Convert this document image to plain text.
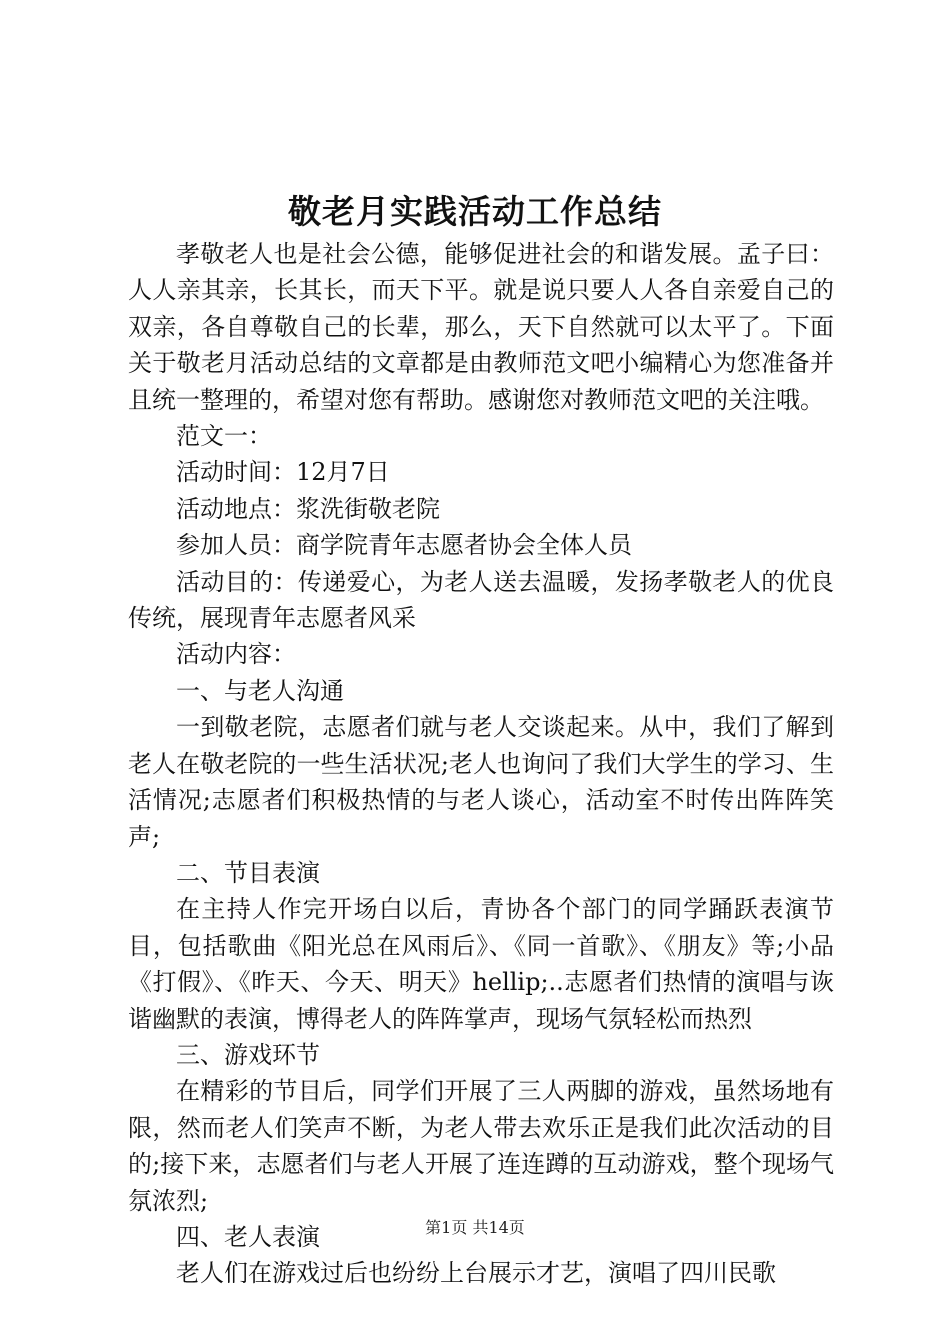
敬老月实践活动工作总结

孝敬老人也是社会公德，能够促进社会的和谐发展。孟子曰：人人亲其亲，长其长，而天下平。就是说只要人人各自亲爱自己的双亲，各自尊敬自己的长辈，那么，天下自然就可以太平了。下面关于敬老月活动总结的文章都是由教师范文吧小编精心为您准备并且统一整理的，希望对您有帮助。感谢您对教师范文吧的关注哦。

范文一：

活动时间：12月7日

活动地点：浆洗街敬老院

参加人员：商学院青年志愿者协会全体人员

活动目的：传递爱心，为老人送去温暖，发扬孝敬老人的优良传统，展现青年志愿者风采

活动内容：

一、与老人沟通

一到敬老院，志愿者们就与老人交谈起来。从中，我们了解到老人在敬老院的一些生活状况;老人也询问了我们大学生的学习、生活情况;志愿者们积极热情的与老人谈心，活动室不时传出阵阵笑声;

二、节目表演

在主持人作完开场白以后，青协各个部门的同学踊跃表演节目，包括歌曲《阳光总在风雨后》、《同一首歌》、《朋友》等;小品《打假》、《昨天、今天、明天》hellip;..志愿者们热情的演唱与诙谐幽默的表演，博得老人的阵阵掌声，现场气氛轻松而热烈

三、游戏环节

在精彩的节目后，同学们开展了三人两脚的游戏，虽然场地有限，然而老人们笑声不断，为老人带去欢乐正是我们此次活动的目的;接下来，志愿者们与老人开展了连连蹲的互动游戏，整个现场气氛浓烈;

四、老人表演

老人们在游戏过后也纷纷上台展示才艺，演唱了四川民歌

第1页 共14页
